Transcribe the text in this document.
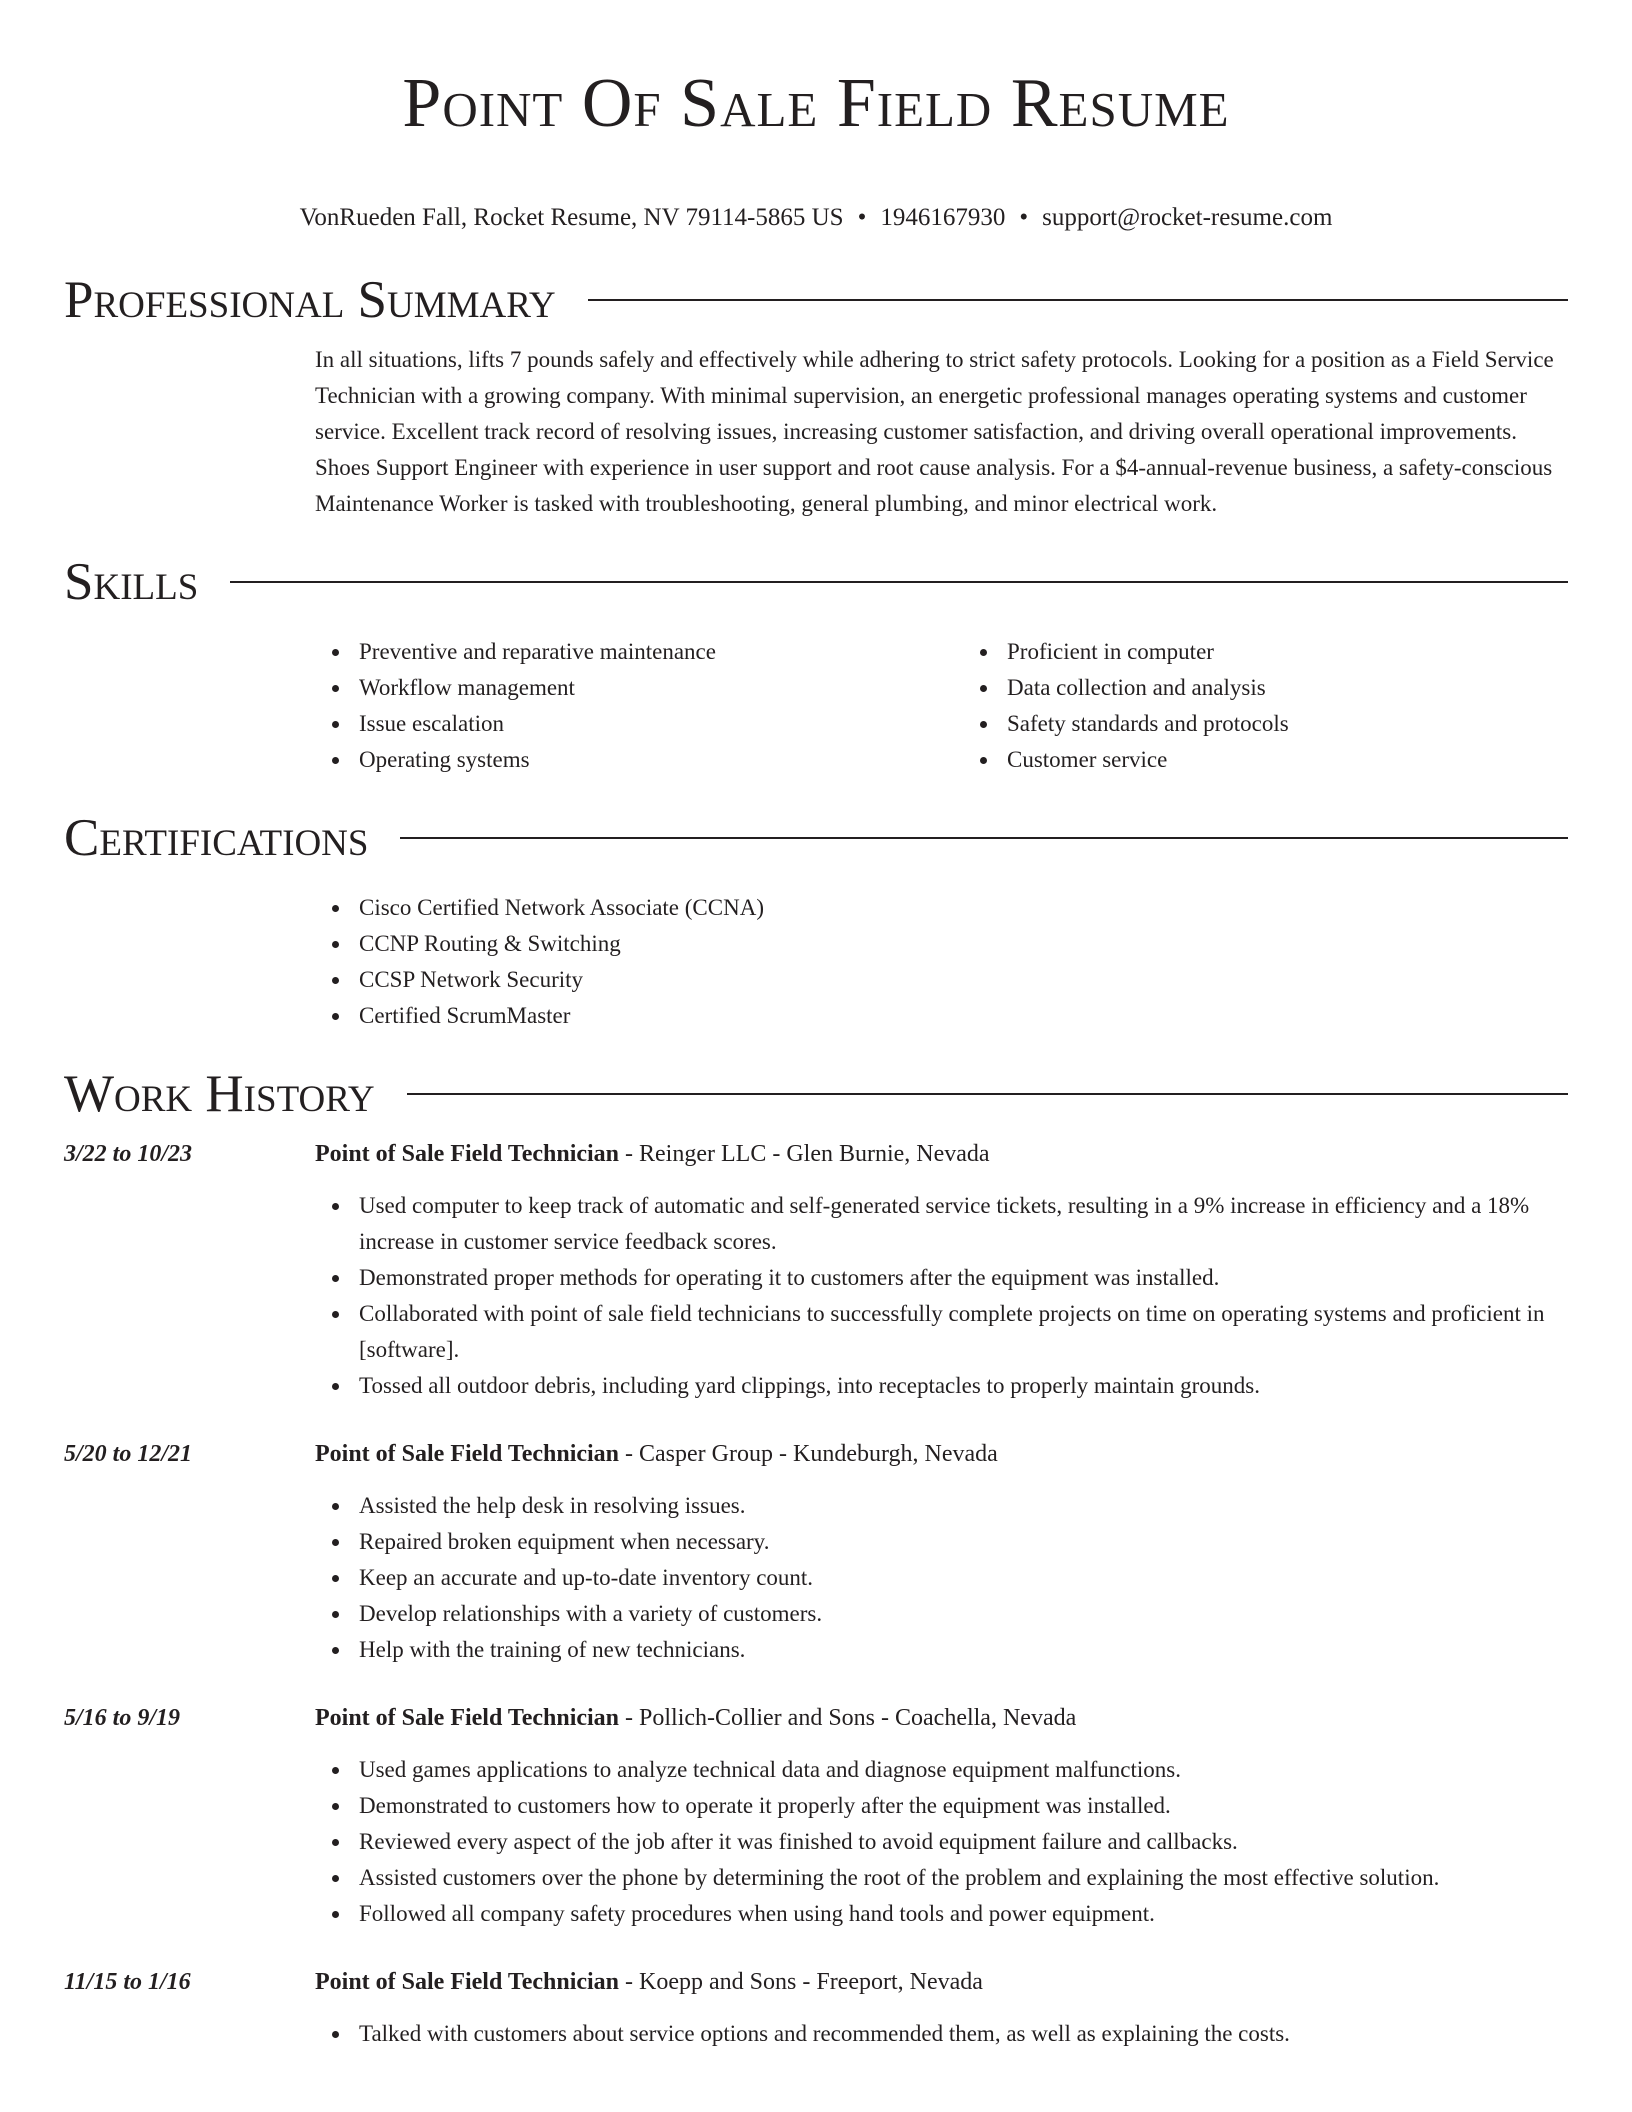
Point Of Sale Field Resume
VonRueden Fall, Rocket Resume, NV 79114-5865 US • 1946167930 • support@rocket-resume.com
Professional Summary

In all situations, lifts 7 pounds safely and effectively while adhering to strict safety protocols. Looking for a position as a Field Service Technician with a growing company. With minimal supervision, an energetic professional manages operating systems and customer service. Excellent track record of resolving issues, increasing customer satisfaction, and driving overall operational improvements. Shoes Support Engineer with experience in user support and root cause analysis. For a $4-annual-revenue business, a safety-conscious Maintenance Worker is tasked with troubleshooting, general plumbing, and minor electrical work.

Skills
Preventive and reparative maintenance
Workflow management
Issue escalation
Operating systems
Proficient in computer
Data collection and analysis
Safety standards and protocols
Customer service
Certifications
Cisco Certified Network Associate (CCNA)
CCNP Routing & Switching
CCSP Network Security
Certified ScrumMaster
Work History
3/22 to 10/23	Point of Sale Field Technician - Reinger LLC - Glen Burnie, Nevada
Used computer to keep track of automatic and self-generated service tickets, resulting in a 9% increase in efficiency and a 18% increase in customer service feedback scores.
Demonstrated proper methods for operating it to customers after the equipment was installed.
Collaborated with point of sale field technicians to successfully complete projects on time on operating systems and proficient in [software].
Tossed all outdoor debris, including yard clippings, into receptacles to properly maintain grounds.
5/20 to 12/21	Point of Sale Field Technician - Casper Group - Kundeburgh, Nevada
Assisted the help desk in resolving issues.
Repaired broken equipment when necessary.
Keep an accurate and up-to-date inventory count.
Develop relationships with a variety of customers.
Help with the training of new technicians.
5/16 to 9/19	Point of Sale Field Technician - Pollich-Collier and Sons - Coachella, Nevada
Used games applications to analyze technical data and diagnose equipment malfunctions.
Demonstrated to customers how to operate it properly after the equipment was installed.
Reviewed every aspect of the job after it was finished to avoid equipment failure and callbacks.
Assisted customers over the phone by determining the root of the problem and explaining the most effective solution.
Followed all company safety procedures when using hand tools and power equipment.
11/15 to 1/16	Point of Sale Field Technician - Koepp and Sons - Freeport, Nevada
Talked with customers about service options and recommended them, as well as explaining the costs.
